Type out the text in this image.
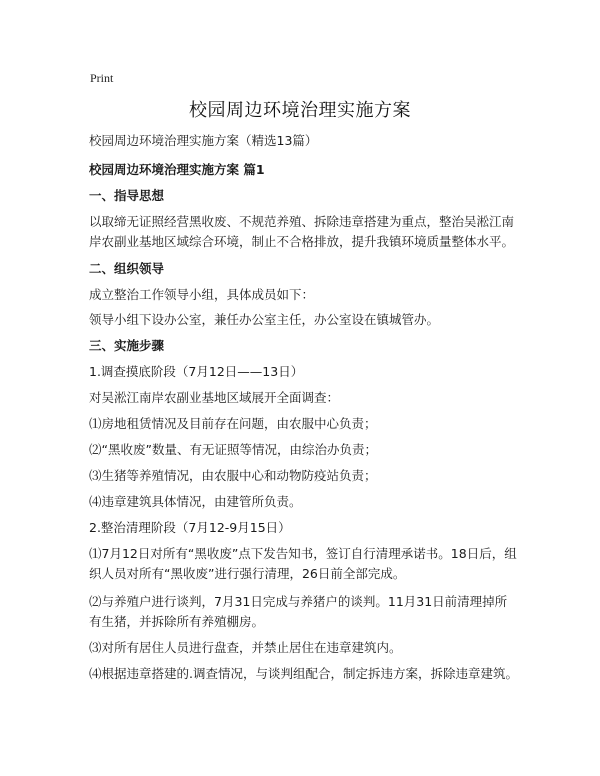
Print
校园周边环境治理实施方案
校园周边环境治理实施方案（精选13篇）
校园周边环境治理实施方案 篇1
一、指导思想
以取缔无证照经营黑收废、不规范养殖、拆除违章搭建为重点，整治吴淞江南岸农副业基地区域综合环境，制止不合格排放，提升我镇环境质量整体水平。
二、组织领导
成立整治工作领导小组，具体成员如下：
领导小组下设办公室，兼任办公室主任，办公室设在镇城管办。
三、实施步骤
1.调查摸底阶段（7月12日——13日）
对吴淞江南岸农副业基地区域展开全面调查：
⑴房地租赁情况及目前存在问题，由农服中心负责；
⑵“黑收废”数量、有无证照等情况，由综治办负责；
⑶生猪等养殖情况，由农服中心和动物防疫站负责；
⑷违章建筑具体情况，由建管所负责。
2.整治清理阶段（7月12-9月15日）
⑴7月12日对所有“黑收废”点下发告知书，签订自行清理承诺书。18日后，组织人员对所有“黑收废”进行强行清理，26日前全部完成。
⑵与养殖户进行谈判，7月31日完成与养猪户的谈判。11月31日前清理掉所有生猪，并拆除所有养殖棚房。
⑶对所有居住人员进行盘查，并禁止居住在违章建筑内。
⑷根据违章搭建的.调查情况，与谈判组配合，制定拆违方案，拆除违章建筑。
